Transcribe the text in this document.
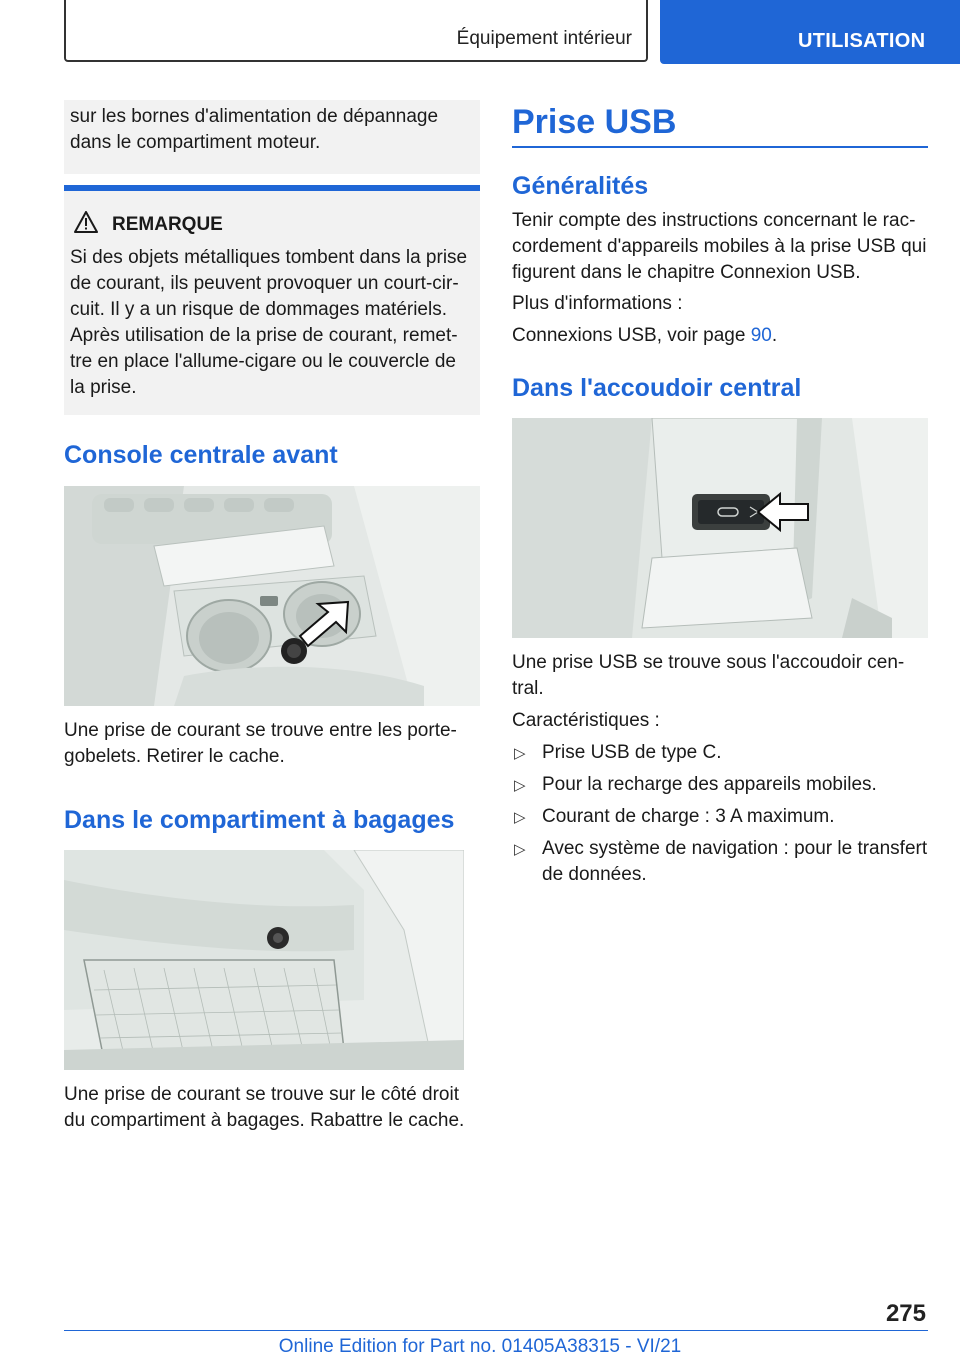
Équipement intérieur	UTILISATION
sur les bornes d'alimentation de dépannage
dans le compartiment moteur.
REMARQUE
Si des objets métalliques tombent dans la prise
de courant, ils peuvent provoquer un court-cir-
cuit. Il y a un risque de dommages matériels.
Après utilisation de la prise de courant, remet-
tre en place l'allume-cigare ou le couvercle de
la prise.
Console centrale avant
Une prise de courant se trouve entre les porte-
gobelets. Retirer le cache.
Dans le compartiment à bagages
Une prise de courant se trouve sur le côté droit
du compartiment à bagages. Rabattre le cache.
Prise USB
Généralités
Tenir compte des instructions concernant le rac-
cordement d'appareils mobiles à la prise USB qui
figurent dans le chapitre Connexion USB.
Plus d'informations :
Connexions USB, voir page 90.
Dans l'accoudoir central
Une prise USB se trouve sous l'accoudoir cen-
tral.
Caractéristiques :
▷ Prise USB de type C.
▷ Pour la recharge des appareils mobiles.
▷ Courant de charge : 3 A maximum.
▷ Avec système de navigation : pour le transfert
de données.
275
Online Edition for Part no. 01405A38315 - VI/21
